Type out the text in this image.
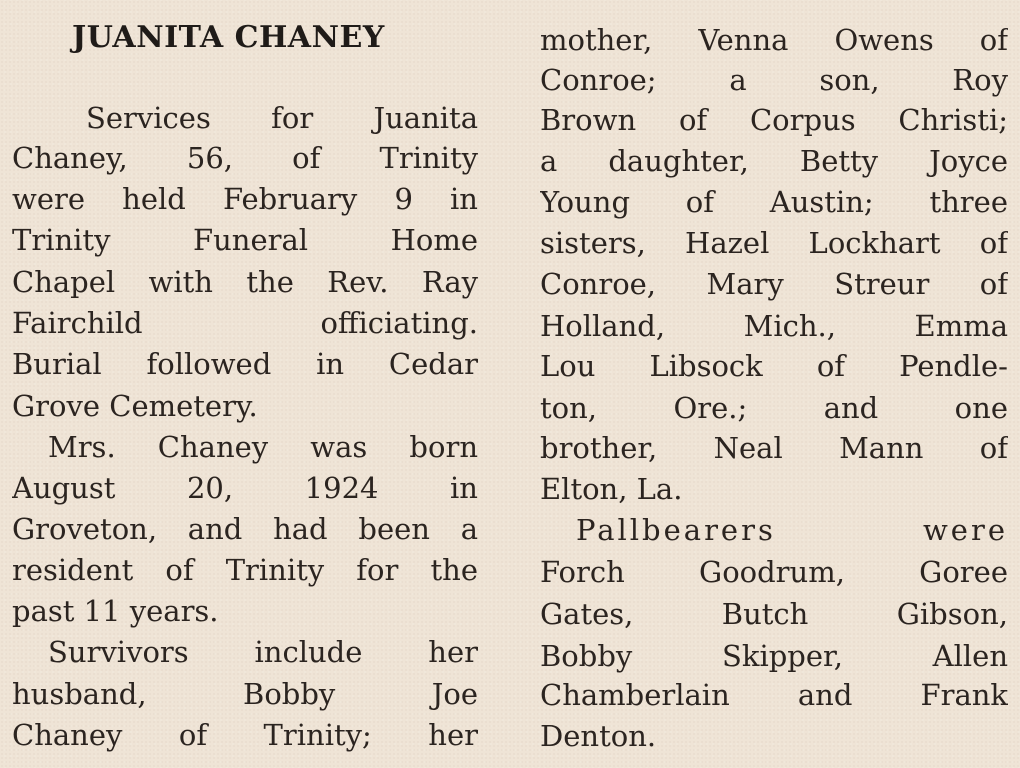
JUANITA CHANEY
Services for Juanita
Chaney, 56, of Trinity
were held February 9 in
Trinity Funeral Home
Chapel with the Rev. Ray
Fairchild officiating.
Burial followed in Cedar
Grove Cemetery.
Mrs. Chaney was born
August 20, 1924 in
Groveton, and had been a
resident of Trinity for the
past 11 years.
Survivors include her
husband, Bobby Joe
Chaney of Trinity; her
mother, Venna Owens of
Conroe; a son, Roy
Brown of Corpus Christi;
a daughter, Betty Joyce
Young of Austin; three
sisters, Hazel Lockhart of
Conroe, Mary Streur of
Holland, Mich., Emma
Lou Libsock of Pendle-
ton, Ore.; and one
brother, Neal Mann of
Elton, La.
Pallbearers were
Forch Goodrum, Goree
Gates, Butch Gibson,
Bobby Skipper, Allen
Chamberlain and Frank
Denton.
